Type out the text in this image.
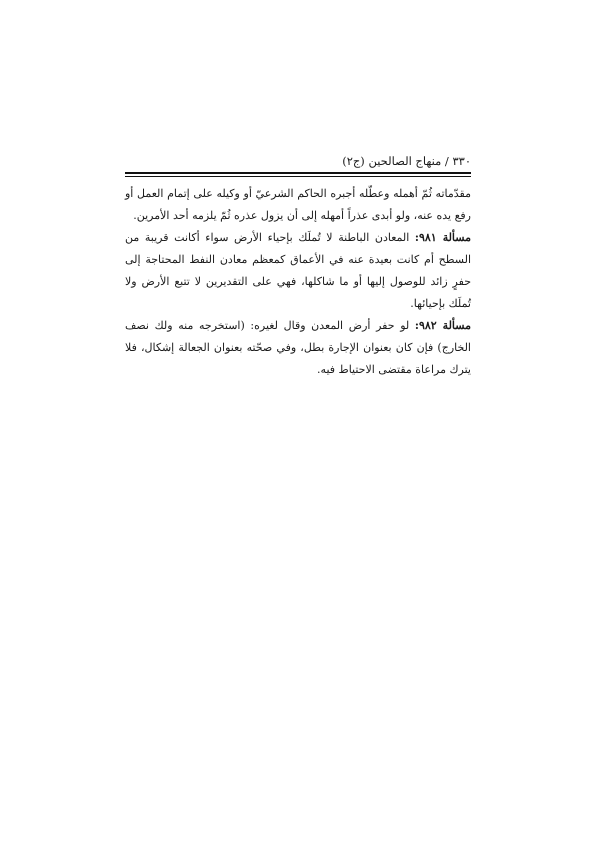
٣٣٠ / منهاج الصالحين (ج٢)

مقدّماته ثُمّ أهمله وعطّله أجبره الحاكم الشرعيّ أو وكيله على إتمام العمل أو رفع يده عنه، ولو أبدى عذراً أمهله إلى أن يزول عذره ثُمّ يلزمه أحد الأمرين.

مسألة ٩٨١: المعادن الباطنة لا تُملَك بإحياء الأرض سواء أكانت قريبة من السطح أم كانت بعيدة عنه في الأعماق كمعظم معادن النفط المحتاجة إلى حفرٍ زائد للوصول إليها أو ما شاكلها، فهي على التقديرين لا تتبع الأرض ولا تُملَك بإحيائها.

مسألة ٩٨٢: لو حفر أرض المعدن وقال لغيره: (استخرجه منه ولك نصف الخارج) فإن كان بعنوان الإجارة بطل، وفي صحّته بعنوان الجعالة إشكال، فلا يترك مراعاة مقتضى الاحتياط فيه.
